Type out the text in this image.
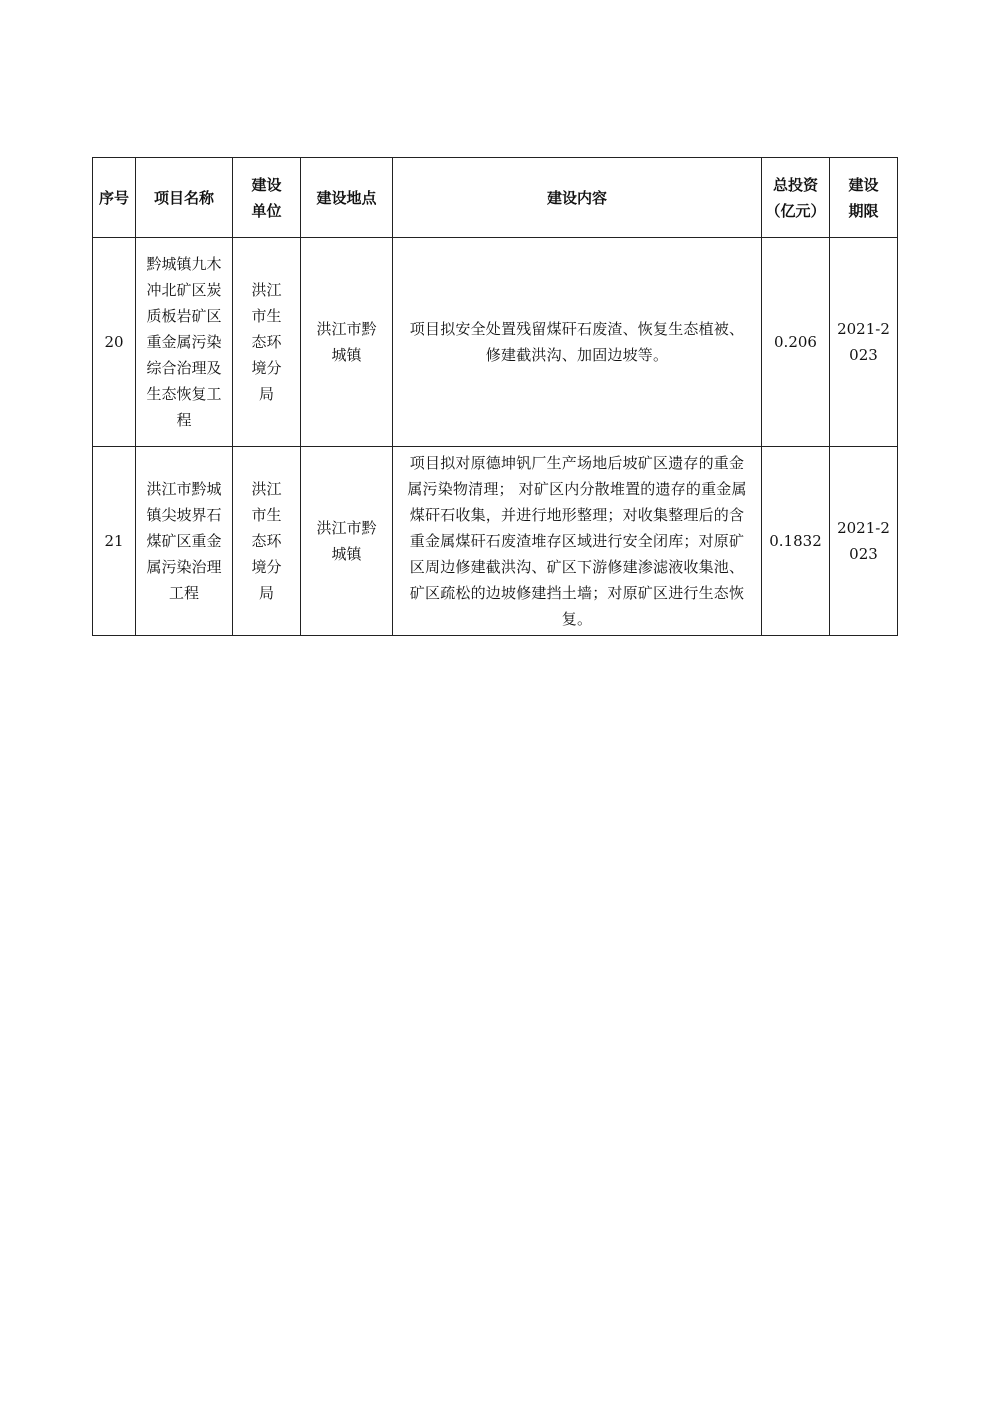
序号	项目名称	建设单位	建设地点	建设内容	总投资（亿元）	建设期限

20	黔城镇九木冲北矿区炭质板岩矿区重金属污染综合治理及生态恢复工程	洪江市生态环境分局	洪江市黔城镇	项目拟安全处置残留煤矸石废渣、恢复生态植被、修建截洪沟、加固边坡等。	0.206	2021-2023

21	洪江市黔城镇尖坡界石煤矿区重金属污染治理工程	洪江市生态环境分局	洪江市黔城镇	项目拟对原德坤钒厂生产场地后坡矿区遗存的重金属污染物清理； 对矿区内分散堆置的遗存的重金属煤矸石收集，并进行地形整理；对收集整理后的含重金属煤矸石废渣堆存区域进行安全闭库；对原矿区周边修建截洪沟、矿区下游修建渗滤液收集池、矿区疏松的边坡修建挡土墙；对原矿区进行生态恢复。	0.1832	2021-2023
